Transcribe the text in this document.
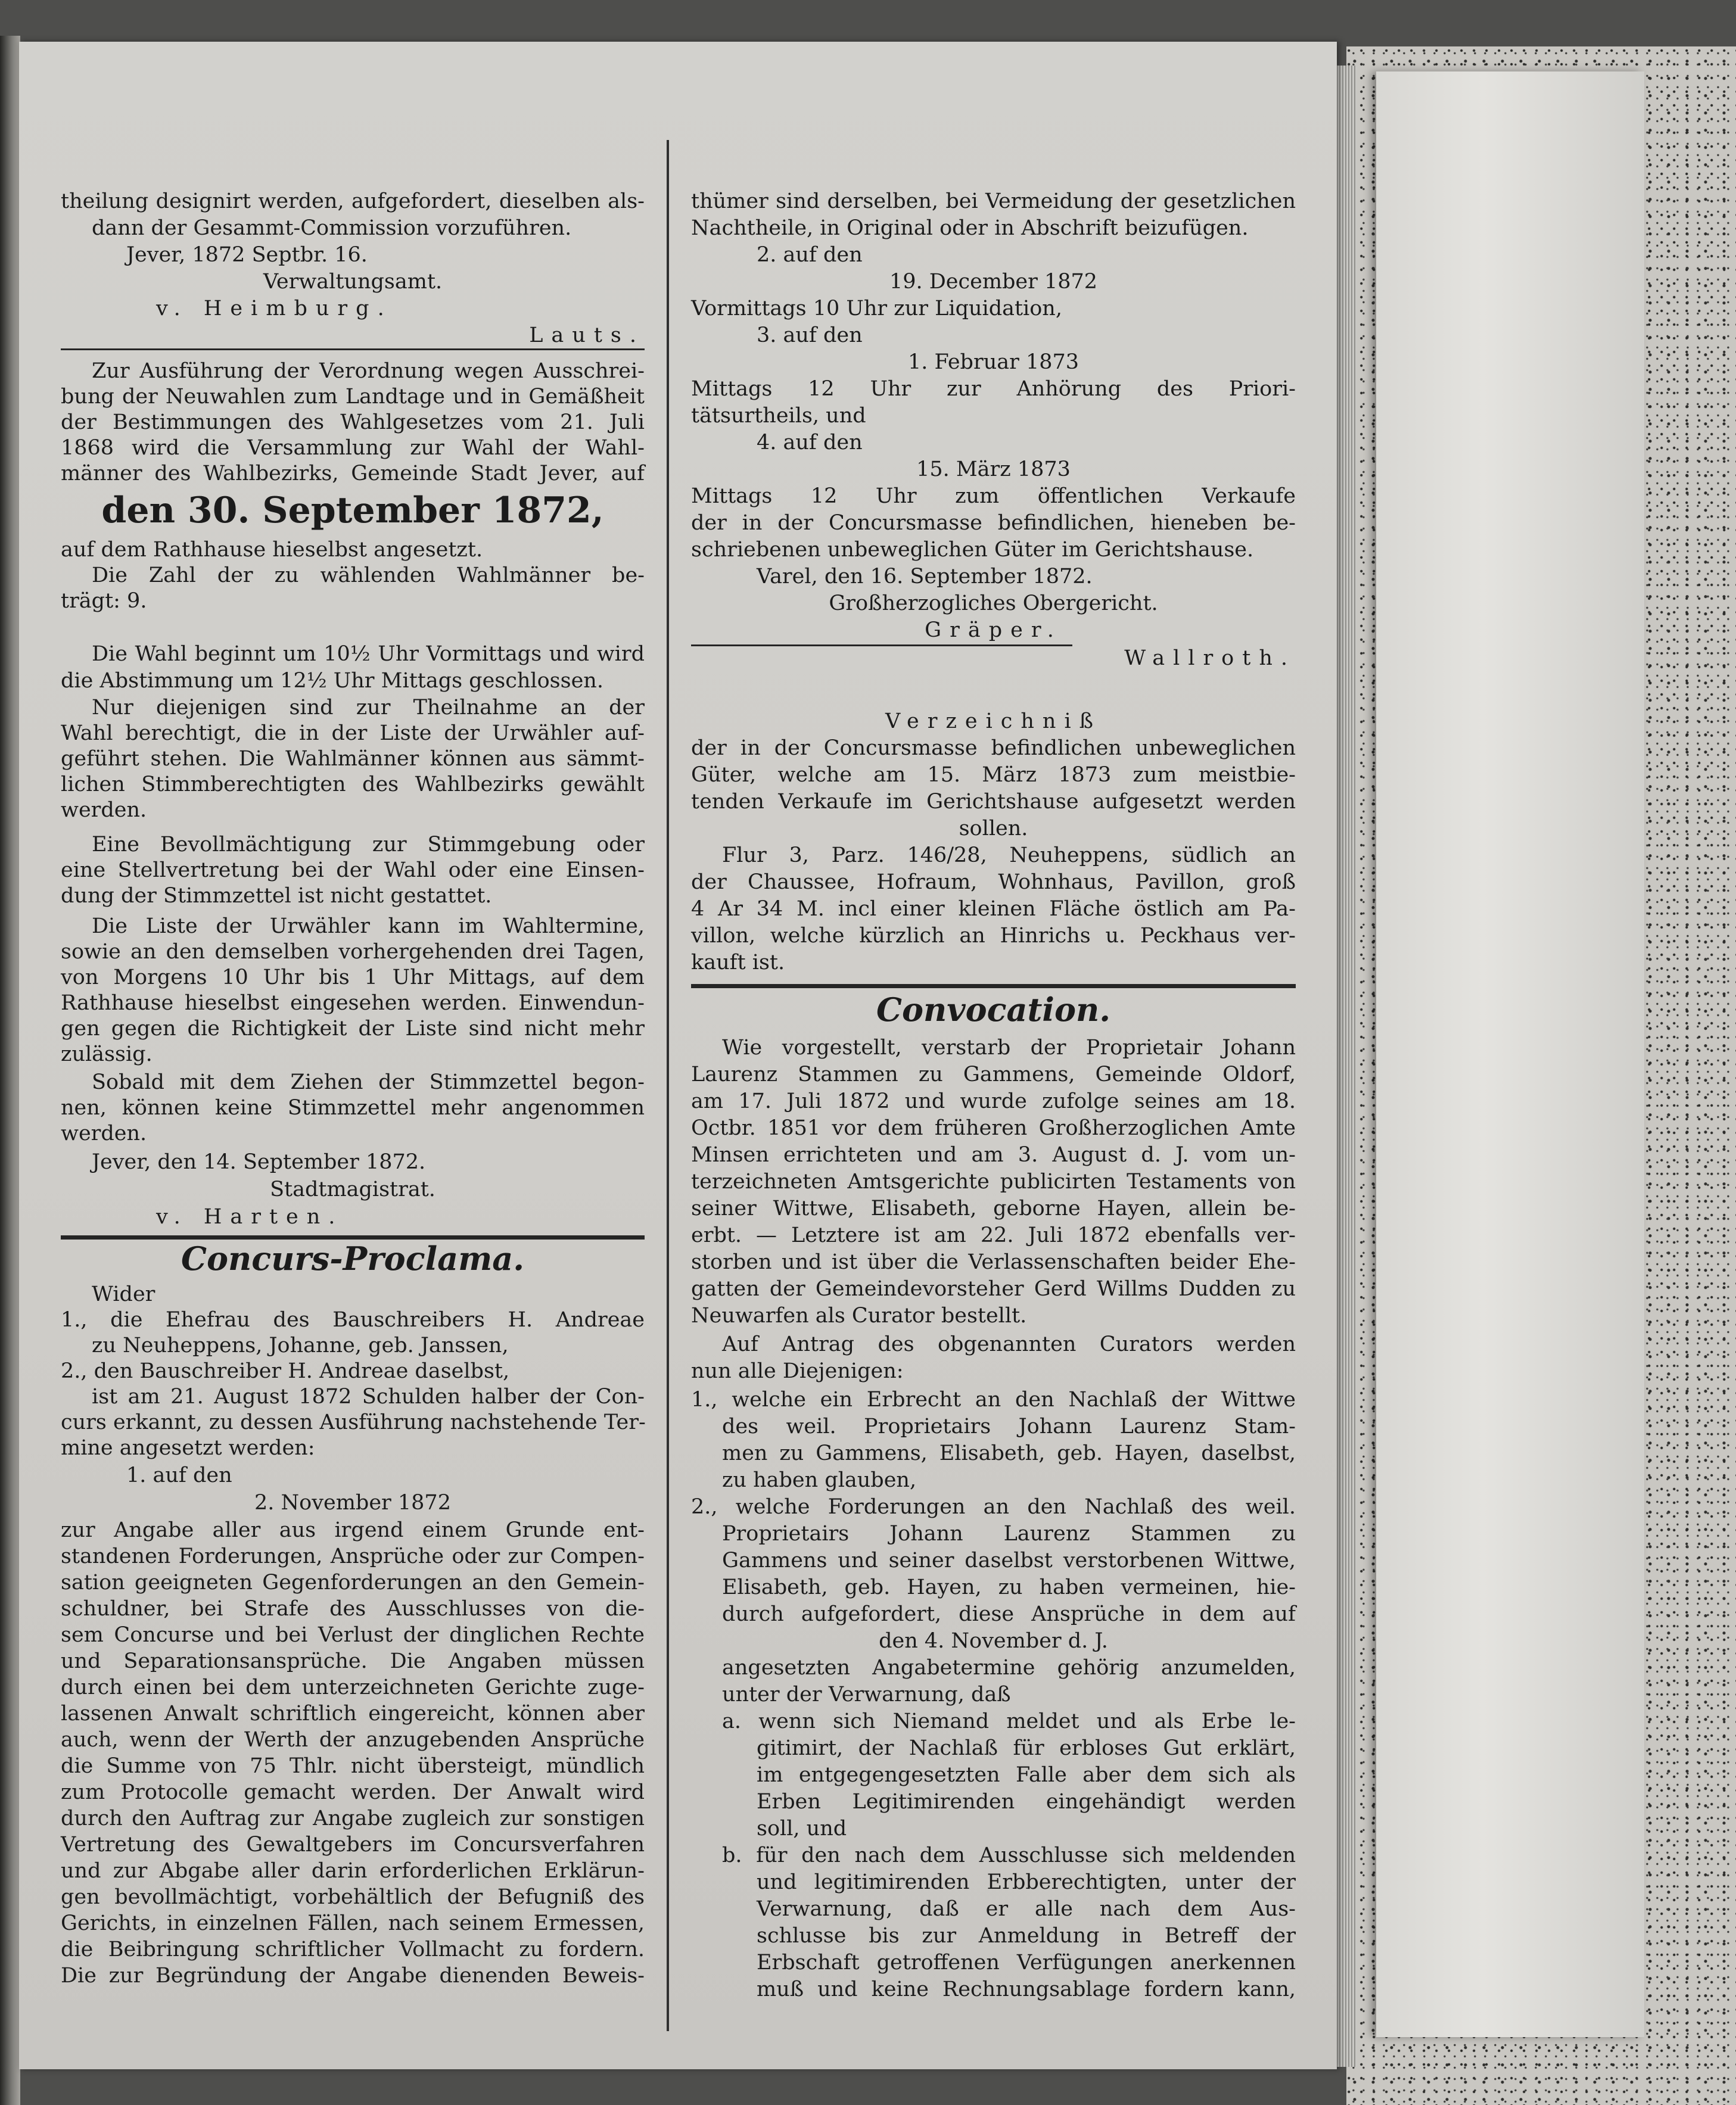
theilung designirt werden, aufgefordert, dieselben als-
dann der Gesammt-Commission vorzuführen.
Jever, 1872 Septbr. 16.
Verwaltungsamt.
v. Heimburg.
Lauts.
Zur Ausführung der Verordnung wegen Ausschrei-
bung der Neuwahlen zum Landtage und in Gemäßheit
der Bestimmungen des Wahlgesetzes vom 21. Juli
1868 wird die Versammlung zur Wahl der Wahl-
männer des Wahlbezirks, Gemeinde Stadt Jever, auf
den 30. September 1872,
auf dem Rathhause hieselbst angesetzt.
Die Zahl der zu wählenden Wahlmänner be-
trägt: 9.
Die Wahl beginnt um 10½ Uhr Vormittags und wird
die Abstimmung um 12½ Uhr Mittags geschlossen.
Nur diejenigen sind zur Theilnahme an der
Wahl berechtigt, die in der Liste der Urwähler auf-
geführt stehen. Die Wahlmänner können aus sämmt-
lichen Stimmberechtigten des Wahlbezirks gewählt
werden.
Eine Bevollmächtigung zur Stimmgebung oder
eine Stellvertretung bei der Wahl oder eine Einsen-
dung der Stimmzettel ist nicht gestattet.
Die Liste der Urwähler kann im Wahltermine,
sowie an den demselben vorhergehenden drei Tagen,
von Morgens 10 Uhr bis 1 Uhr Mittags, auf dem
Rathhause hieselbst eingesehen werden. Einwendun-
gen gegen die Richtigkeit der Liste sind nicht mehr
zulässig.
Sobald mit dem Ziehen der Stimmzettel begon-
nen, können keine Stimmzettel mehr angenommen
werden.
Jever, den 14. September 1872.
Stadtmagistrat.
v. Harten.
Concurs-Proclama.
Wider
1., die Ehefrau des Bauschreibers H. Andreae
zu Neuheppens, Johanne, geb. Janssen,
2., den Bauschreiber H. Andreae daselbst,
ist am 21. August 1872 Schulden halber der Con-
curs erkannt, zu dessen Ausführung nachstehende Ter-
mine angesetzt werden:
1. auf den
2. November 1872
zur Angabe aller aus irgend einem Grunde ent-
standenen Forderungen, Ansprüche oder zur Compen-
sation geeigneten Gegenforderungen an den Gemein-
schuldner, bei Strafe des Ausschlusses von die-
sem Concurse und bei Verlust der dinglichen Rechte
und Separationsansprüche. Die Angaben müssen
durch einen bei dem unterzeichneten Gerichte zuge-
lassenen Anwalt schriftlich eingereicht, können aber
auch, wenn der Werth der anzugebenden Ansprüche
die Summe von 75 Thlr. nicht übersteigt, mündlich
zum Protocolle gemacht werden. Der Anwalt wird
durch den Auftrag zur Angabe zugleich zur sonstigen
Vertretung des Gewaltgebers im Concursverfahren
und zur Abgabe aller darin erforderlichen Erklärun-
gen bevollmächtigt, vorbehältlich der Befugniß des
Gerichts, in einzelnen Fällen, nach seinem Ermessen,
die Beibringung schriftlicher Vollmacht zu fordern.
Die zur Begründung der Angabe dienenden Beweis-
thümer sind derselben, bei Vermeidung der gesetzlichen
Nachtheile, in Original oder in Abschrift beizufügen.
2. auf den
19. December 1872
Vormittags 10 Uhr zur Liquidation,
3. auf den
1. Februar 1873
Mittags 12 Uhr zur Anhörung des Priori-
tätsurtheils, und
4. auf den
15. März 1873
Mittags 12 Uhr zum öffentlichen Verkaufe
der in der Concursmasse befindlichen, hieneben be-
schriebenen unbeweglichen Güter im Gerichtshause.
Varel, den 16. September 1872.
Großherzogliches Obergericht.
Gräper.
Wallroth.
Verzeichniß
der in der Concursmasse befindlichen unbeweglichen
Güter, welche am 15. März 1873 zum meistbie-
tenden Verkaufe im Gerichtshause aufgesetzt werden
sollen.
Flur 3, Parz. 146/28, Neuheppens, südlich an
der Chaussee, Hofraum, Wohnhaus, Pavillon, groß
4 Ar 34 M. incl einer kleinen Fläche östlich am Pa-
villon, welche kürzlich an Hinrichs u. Peckhaus ver-
kauft ist.
Convocation.
Wie vorgestellt, verstarb der Proprietair Johann
Laurenz Stammen zu Gammens, Gemeinde Oldorf,
am 17. Juli 1872 und wurde zufolge seines am 18.
Octbr. 1851 vor dem früheren Großherzoglichen Amte
Minsen errichteten und am 3. August d. J. vom un-
terzeichneten Amtsgerichte publicirten Testaments von
seiner Wittwe, Elisabeth, geborne Hayen, allein be-
erbt. — Letztere ist am 22. Juli 1872 ebenfalls ver-
storben und ist über die Verlassenschaften beider Ehe-
gatten der Gemeindevorsteher Gerd Willms Dudden zu
Neuwarfen als Curator bestellt.
Auf Antrag des obgenannten Curators werden
nun alle Diejenigen:
1., welche ein Erbrecht an den Nachlaß der Wittwe
des weil. Proprietairs Johann Laurenz Stam-
men zu Gammens, Elisabeth, geb. Hayen, daselbst,
zu haben glauben,
2., welche Forderungen an den Nachlaß des weil.
Proprietairs Johann Laurenz Stammen zu
Gammens und seiner daselbst verstorbenen Wittwe,
Elisabeth, geb. Hayen, zu haben vermeinen, hie-
durch aufgefordert, diese Ansprüche in dem auf
den 4. November d. J.
angesetzten Angabetermine gehörig anzumelden,
unter der Verwarnung, daß
a. wenn sich Niemand meldet und als Erbe le-
gitimirt, der Nachlaß für erbloses Gut erklärt,
im entgegengesetzten Falle aber dem sich als
Erben Legitimirenden eingehändigt werden
soll, und
b. für den nach dem Ausschlusse sich meldenden
und legitimirenden Erbberechtigten, unter der
Verwarnung, daß er alle nach dem Aus-
schlusse bis zur Anmeldung in Betreff der
Erbschaft getroffenen Verfügungen anerkennen
muß und keine Rechnungsablage fordern kann,
